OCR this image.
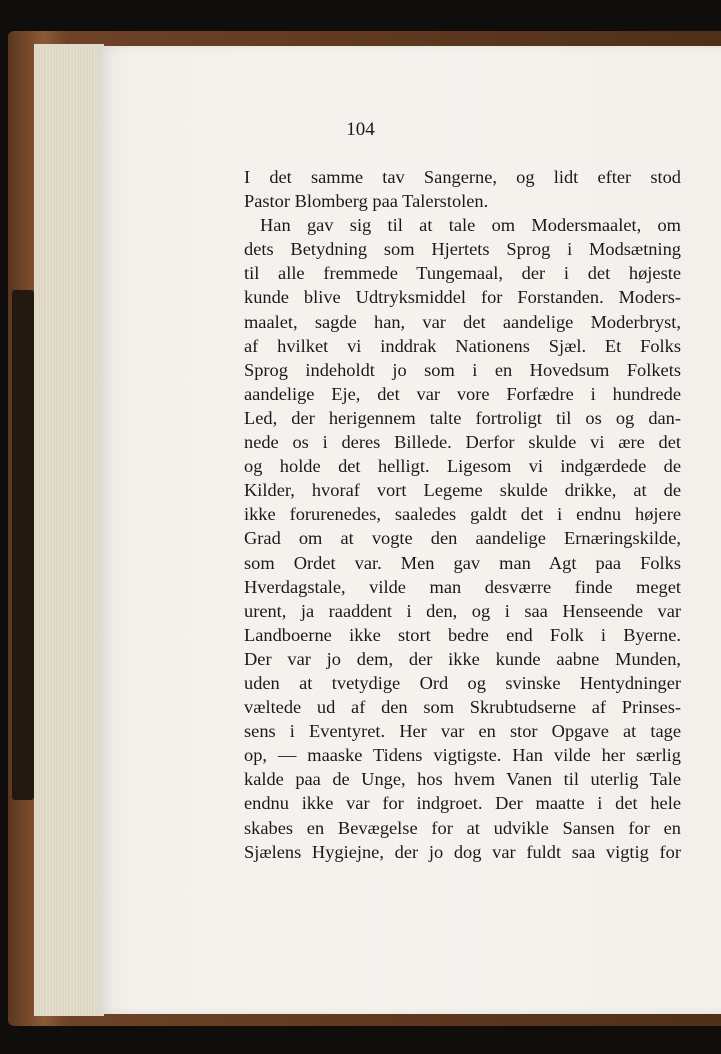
104
I det samme tav Sangerne, og lidt efter stod
Pastor Blomberg paa Talerstolen.
Han gav sig til at tale om Modersmaalet, om
dets Betydning som Hjertets Sprog i Modsætning
til alle fremmede Tungemaal, der i det højeste
kunde blive Udtryksmiddel for Forstanden. Moders-
maalet, sagde han, var det aandelige Moderbryst,
af hvilket vi inddrak Nationens Sjæl. Et Folks
Sprog indeholdt jo som i en Hovedsum Folkets
aandelige Eje, det var vore Forfædre i hundrede
Led, der herigennem talte fortroligt til os og dan-
nede os i deres Billede. Derfor skulde vi ære det
og holde det helligt. Ligesom vi indgærdede de
Kilder, hvoraf vort Legeme skulde drikke, at de
ikke forurenedes, saaledes galdt det i endnu højere
Grad om at vogte den aandelige Ernæringskilde,
som Ordet var. Men gav man Agt paa Folks
Hverdagstale, vilde man desværre finde meget
urent, ja raaddent i den, og i saa Henseende var
Landboerne ikke stort bedre end Folk i Byerne.
Der var jo dem, der ikke kunde aabne Munden,
uden at tvetydige Ord og svinske Hentydninger
væltede ud af den som Skrubtudserne af Prinses-
sens i Eventyret. Her var en stor Opgave at tage
op, — maaske Tidens vigtigste. Han vilde her særlig
kalde paa de Unge, hos hvem Vanen til uterlig Tale
endnu ikke var for indgroet. Der maatte i det hele
skabes en Bevægelse for at udvikle Sansen for en
Sjælens Hygiejne, der jo dog var fuldt saa vigtig for
